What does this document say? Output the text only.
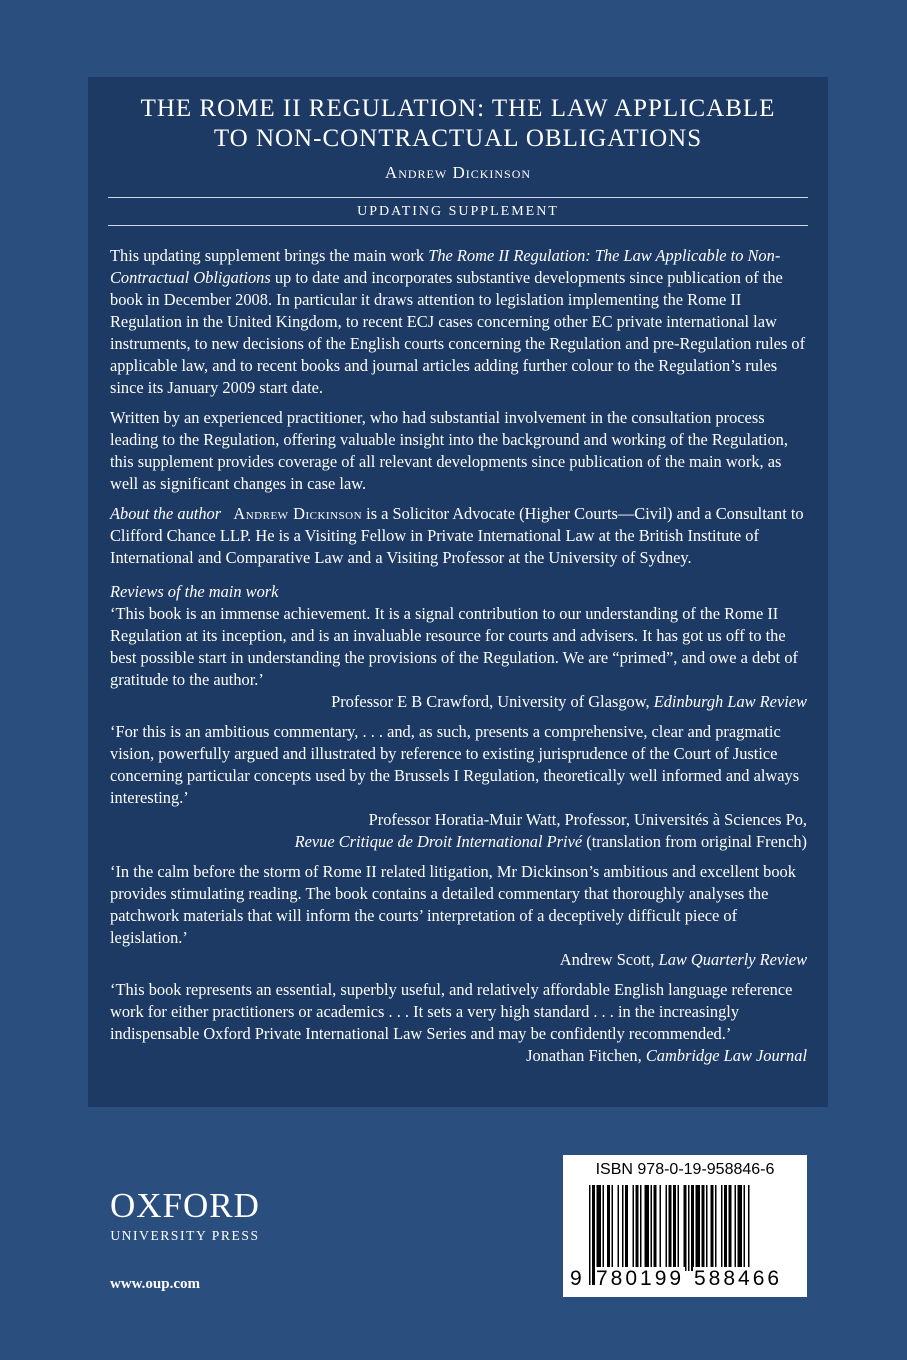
THE ROME II REGULATION: THE LAW APPLICABLE
TO NON-CONTRACTUAL OBLIGATIONS
Andrew Dickinson
UPDATING SUPPLEMENT

This updating supplement brings the main work The Rome II Regulation: The Law Applicable to Non-Contractual Obligations up to date and incorporates substantive developments since publication of the book in December 2008. In particular it draws attention to legislation implementing the Rome II Regulation in the United Kingdom, to recent ECJ cases concerning other EC private international law instruments, to new decisions of the English courts concerning the Regulation and pre-Regulation rules of applicable law, and to recent books and journal articles adding further colour to the Regulation’s rules since its January 2009 start date.

Written by an experienced practitioner, who had substantial involvement in the consultation process leading to the Regulation, offering valuable insight into the background and working of the Regulation, this supplement provides coverage of all relevant developments since publication of the main work, as well as significant changes in case law.

About the author Andrew Dickinson is a Solicitor Advocate (Higher Courts—Civil) and a Consultant to Clifford Chance LLP. He is a Visiting Fellow in Private International Law at the British Institute of International and Comparative Law and a Visiting Professor at the University of Sydney.

Reviews of the main work

‘This book is an immense achievement. It is a signal contribution to our understanding of the Rome II Regulation at its inception, and is an invaluable resource for courts and advisers. It has got us off to the best possible start in understanding the provisions of the Regulation. We are “primed”, and owe a debt of gratitude to the author.’

Professor E B Crawford, University of Glasgow, Edinburgh Law Review

‘For this is an ambitious commentary, . . . and, as such, presents a comprehensive, clear and pragmatic vision, powerfully argued and illustrated by reference to existing jurisprudence of the Court of Justice concerning particular concepts used by the Brussels I Regulation, theoretically well informed and always interesting.’

Professor Horatia-Muir Watt, Professor, Universités à Sciences Po,

Revue Critique de Droit International Privé (translation from original French)

‘In the calm before the storm of Rome II related litigation, Mr Dickinson’s ambitious and excellent book provides stimulating reading. The book contains a detailed commentary that thoroughly analyses the patchwork materials that will inform the courts’ interpretation of a deceptively difficult piece of legislation.’

Andrew Scott, Law Quarterly Review

‘This book represents an essential, superbly useful, and relatively affordable English language reference work for either practitioners or academics . . . It sets a very high standard . . . in the increasingly indispensable Oxford Private International Law Series and may be confidently recommended.’

Jonathan Fitchen, Cambridge Law Journal

OXFORD
UNIVERSITY PRESS
www.oup.com
ISBN 978-0-19-958846-6
9 780199 588466
